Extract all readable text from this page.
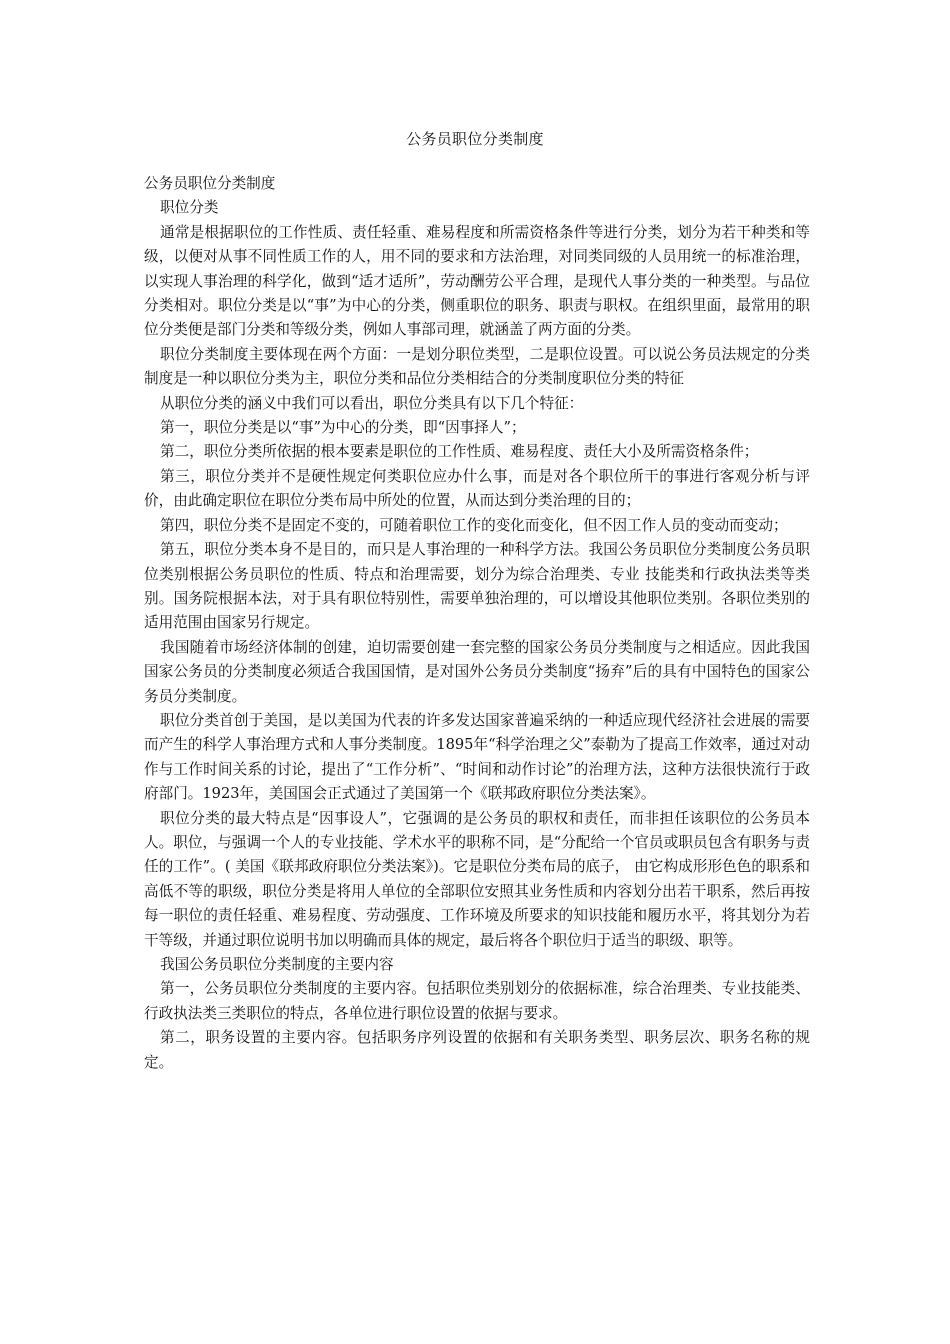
公务员职位分类制度

公务员职位分类制度

职位分类

通常是根据职位的工作性质、责任轻重、难易程度和所需资格条件等进行分类，划分为若干种类和等级，以便对从事不同性质工作的人，用不同的要求和方法治理，对同类同级的人员用统一的标准治理，以实现人事治理的科学化，做到“适才适所”，劳动酬劳公平合理，是现代人事分类的一种类型。与品位分类相对。职位分类是以“事”为中心的分类，侧重职位的职务、职责与职权。在组织里面，最常用的职位分类便是部门分类和等级分类，例如人事部司理，就涵盖了两方面的分类。

职位分类制度主要体现在两个方面：一是划分职位类型，二是职位设置。可以说公务员法规定的分类制度是一种以职位分类为主，职位分类和品位分类相结合的分类制度职位分类的特征

从职位分类的涵义中我们可以看出，职位分类具有以下几个特征：

第一，职位分类是以“事”为中心的分类，即“因事择人”；

第二，职位分类所依据的根本要素是职位的工作性质、难易程度、责任大小及所需资格条件；

第三，职位分类并不是硬性规定何类职位应办什么事，而是对各个职位所干的事进行客观分析与评价，由此确定职位在职位分类布局中所处的位置，从而达到分类治理的目的；

第四，职位分类不是固定不变的，可随着职位工作的变化而变化，但不因工作人员的变动而变动；

第五，职位分类本身不是目的，而只是人事治理的一种科学方法。我国公务员职位分类制度公务员职位类别根据公务员职位的性质、特点和治理需要，划分为综合治理类、专业 技能类和行政执法类等类别。国务院根据本法，对于具有职位特别性，需要单独治理的，可以增设其他职位类别。各职位类别的适用范围由国家另行规定。

我国随着市场经济体制的创建，迫切需要创建一套完整的国家公务员分类制度与之相适应。因此我国国家公务员的分类制度必须适合我国国情，是对国外公务员分类制度“扬弃”后的具有中国特色的国家公务员分类制度。

职位分类首创于美国，是以美国为代表的许多发达国家普遍采纳的一种适应现代经济社会进展的需要而产生的科学人事治理方式和人事分类制度。1895年“科学治理之父”泰勒为了提高工作效率，通过对动作与工作时间关系的讨论，提出了“工作分析”、“时间和动作讨论”的治理方法，这种方法很快流行于政府部门。1923年，美国国会正式通过了美国第一个《联邦政府职位分类法案》。

职位分类的最大特点是“因事设人”，它强调的是公务员的职权和责任，而非担任该职位的公务员本人。职位，与强调一个人的专业技能、学术水平的职称不同，是“分配给一个官员或职员包含有职务与责任的工作”。( 美国《联邦政府职位分类法案》)。它是职位分类布局的底子， 由它构成形形色色的职系和高低不等的职级，职位分类是将用人单位的全部职位安照其业务性质和内容划分出若干职系，然后再按每一职位的责任轻重、难易程度、劳动强度、工作环境及所要求的知识技能和履历水平，将其划分为若干等级，并通过职位说明书加以明确而具体的规定，最后将各个职位归于适当的职级、职等。

我国公务员职位分类制度的主要内容

第一，公务员职位分类制度的主要内容。包括职位类别划分的依据标准，综合治理类、专业技能类、行政执法类三类职位的特点，各单位进行职位设置的依据与要求。

第二，职务设置的主要内容。包括职务序列设置的依据和有关职务类型、职务层次、职务名称的规定。
